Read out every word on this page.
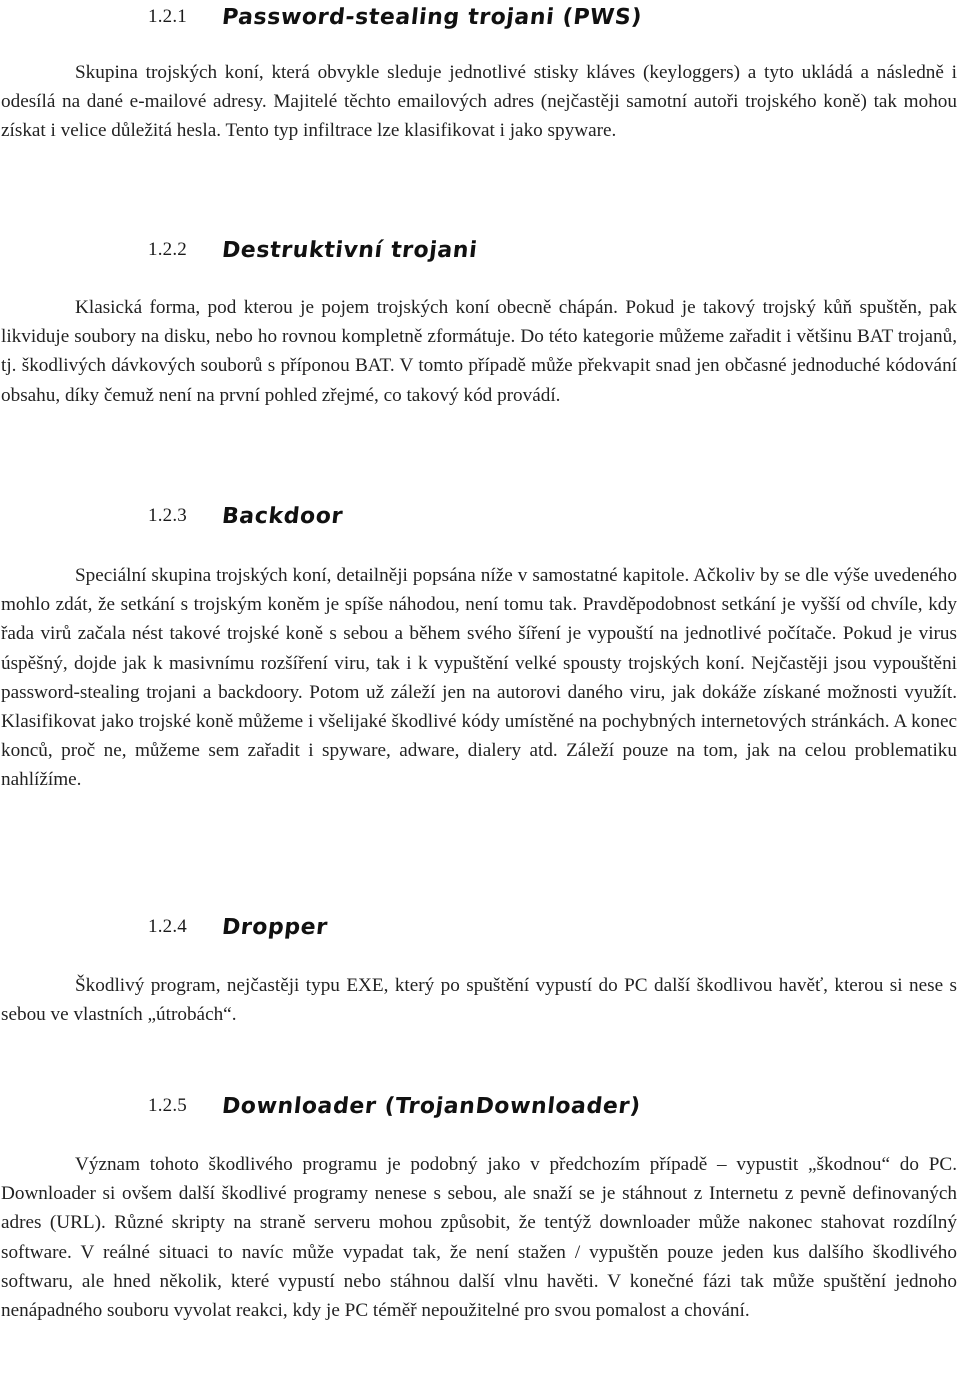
1.2.1	Password-stealing trojani (PWS)

Skupina trojských koní, která obvykle sleduje jednotlivé stisky kláves (keyloggers) a tyto ukládá a následně i odesílá na dané e-mailové adresy. Majitelé těchto emailových adres (nejčastěji samotní autoři trojského koně) tak mohou získat i velice důležitá hesla. Tento typ infiltrace lze klasifikovat i jako spyware.

1.2.2	Destruktivní trojani

Klasická forma, pod kterou je pojem trojských koní obecně chápán. Pokud je takový trojský kůň spuštěn, pak likviduje soubory na disku, nebo ho rovnou kompletně zformátuje. Do této kategorie můžeme zařadit i většinu BAT trojanů, tj. škodlivých dávkových souborů s příponou BAT. V tomto případě může překvapit snad jen občasné jednoduché kódování obsahu, díky čemuž není na první pohled zřejmé, co takový kód provádí.

1.2.3	Backdoor

Speciální skupina trojských koní, detailněji popsána níže v samostatné kapitole. Ačkoliv by se dle výše uvedeného mohlo zdát, že setkání s trojským koněm je spíše náhodou, není tomu tak. Pravděpodobnost setkání je vyšší od chvíle, kdy řada virů začala nést takové trojské koně s sebou a během svého šíření je vypouští na jednotlivé počítače. Pokud je virus úspěšný, dojde jak k masivnímu rozšíření viru, tak i k vypuštění velké spousty trojských koní. Nejčastěji jsou vypouštěni password-stealing trojani a backdoory. Potom už záleží jen na autorovi daného viru, jak dokáže získané možnosti využít. Klasifikovat jako trojské koně můžeme i všelijaké škodlivé kódy umístěné na pochybných internetových stránkách. A konec konců, proč ne, můžeme sem zařadit i spyware, adware, dialery atd. Záleží pouze na tom, jak na celou problematiku nahlížíme.

1.2.4	Dropper

Škodlivý program, nejčastěji typu EXE, který po spuštění vypustí do PC další škodlivou havěť, kterou si nese s sebou ve vlastních „útrobách“.

1.2.5	Downloader (TrojanDownloader)

Význam tohoto škodlivého programu je podobný jako v předchozím případě – vypustit „škodnou“ do PC. Downloader si ovšem další škodlivé programy nenese s sebou, ale snaží se je stáhnout z Internetu z pevně definovaných adres (URL). Různé skripty na straně serveru mohou způsobit, že tentýž downloader může nakonec stahovat rozdílný software. V reálné situaci to navíc může vypadat tak, že není stažen / vypuštěn pouze jeden kus dalšího škodlivého softwaru, ale hned několik, které vypustí nebo stáhnou další vlnu havěti. V konečné fázi tak může spuštění jednoho nenápadného souboru vyvolat reakci, kdy je PC téměř nepoužitelné pro svou pomalost a chování.
